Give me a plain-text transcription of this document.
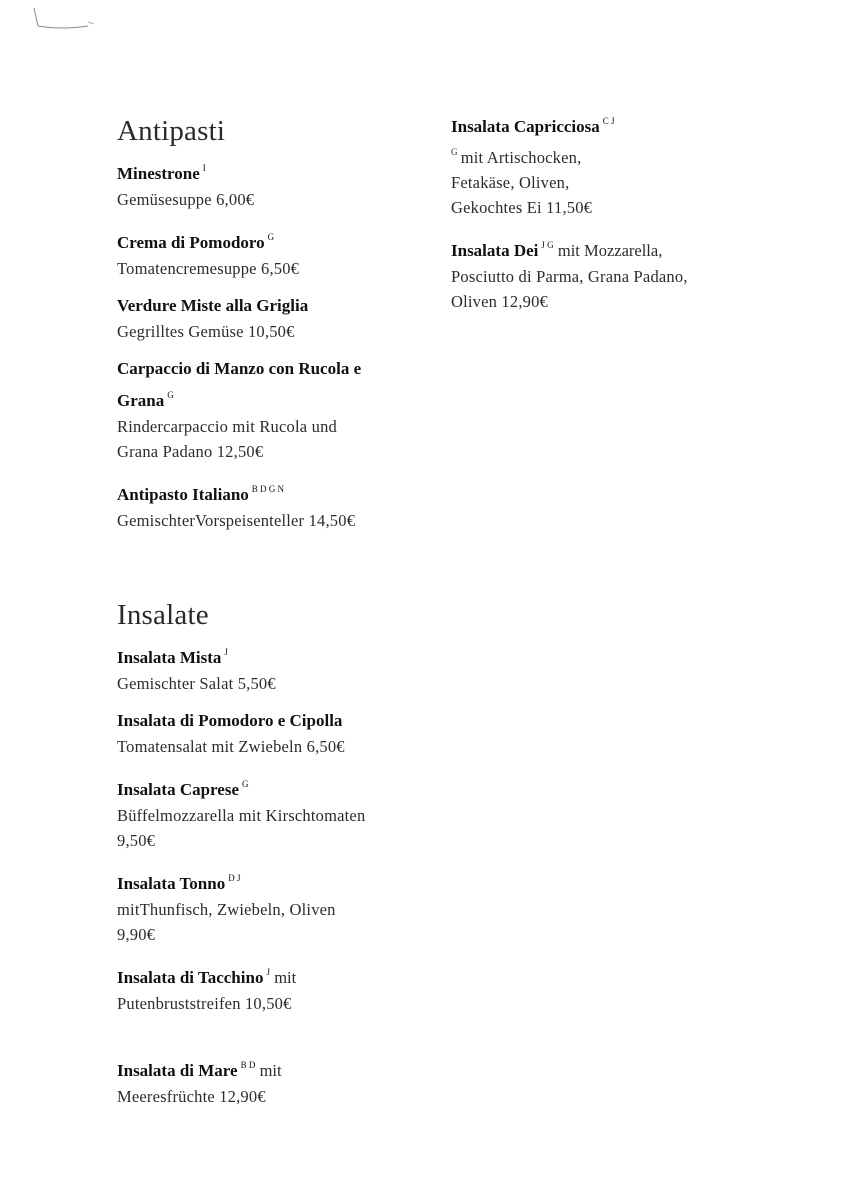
Antipasti
Minestrone $^I$
Gemüsesuppe 6,00€
Crema di Pomodoro $^G$
Tomatencremesuppe 6,50€
Verdure Miste alla Griglia
Gegrilltes Gemüse 10,50€
Carpaccio di Manzo con Rucola e
Grana $^G$
Rindercarpaccio mit Rucola und
Grana Padano 12,50€
Antipasto Italiano $^{B D G N}$
GemischterVorspeisenteller 14,50€
Insalate
Insalata Mista $^J$
Gemischter Salat 5,50€
Insalata di Pomodoro e Cipolla
Tomatensalat mit Zwiebeln 6,50€
Insalata Caprese $^G$
Büffelmozzarella mit Kirschtomaten
9,50€
Insalata Tonno $^{D J}$
mitThunfisch, Zwiebeln, Oliven
9,90€
Insalata di Tacchino $^J$ mit
Putenbruststreifen 10,50€
Insalata di Mare $^{B D}$ mit
Meeresfrüchte 12,90€
Insalata Capricciosa $^{C J}$
$^G$ mit Artischocken,
Fetakäse, Oliven,
Gekochtes Ei 11,50€
Insalata Dei $^{J G}$ mit Mozzarella,
Posciutto di Parma, Grana Padano,
Oliven 12,90€
